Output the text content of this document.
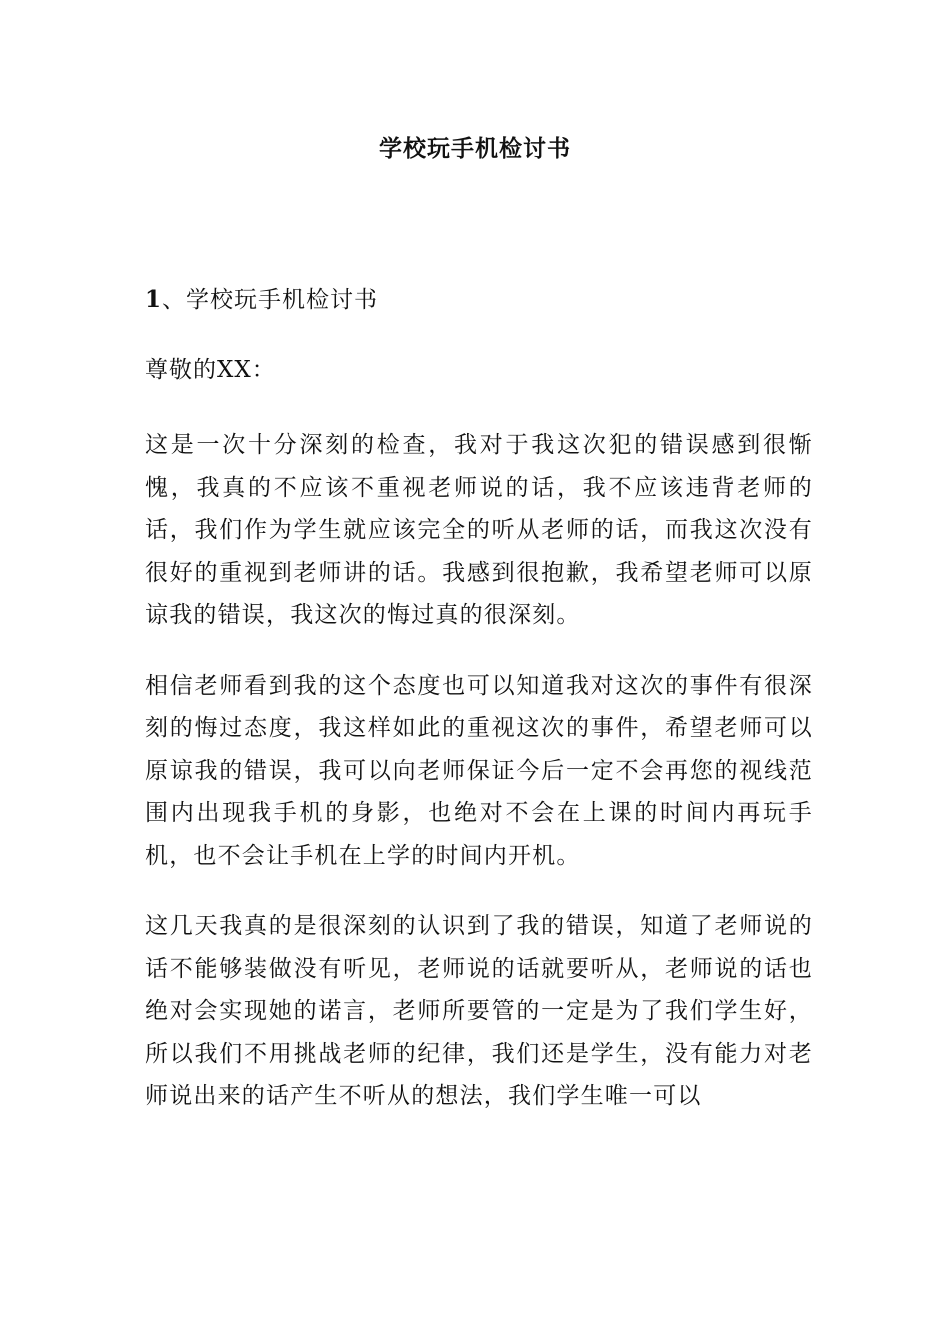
学校玩手机检讨书

1、学校玩手机检讨书

尊敬的XX：

这是一次十分深刻的检查，我对于我这次犯的错误感到很惭愧，我真的不应该不重视老师说的话，我不应该违背老师的话，我们作为学生就应该完全的听从老师的话，而我这次没有很好的重视到老师讲的话。我感到很抱歉，我希望老师可以原谅我的错误，我这次的悔过真的很深刻。

相信老师看到我的这个态度也可以知道我对这次的事件有很深刻的悔过态度，我这样如此的重视这次的事件，希望老师可以原谅我的错误，我可以向老师保证今后一定不会再您的视线范围内出现我手机的身影，也绝对不会在上课的时间内再玩手机，也不会让手机在上学的时间内开机。

这几天我真的是很深刻的认识到了我的错误，知道了老师说的话不能够装做没有听见，老师说的话就要听从，老师说的话也绝对会实现她的诺言，老师所要管的一定是为了我们学生好，所以我们不用挑战老师的纪律，我们还是学生，没有能力对老师说出来的话产生不听从的想法，我们学生唯一可以
